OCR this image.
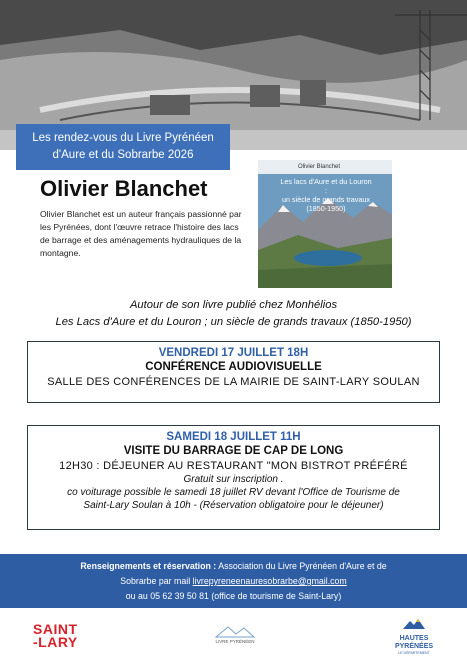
Les rendez-vous du Livre Pyrénéen
d'Aure et du Sobrarbe 2026
Olivier Blanchet
Olivier Blanchet est un auteur français passionné par les Pyrénées, dont l'œuvre retrace l'histoire des lacs de barrage et des aménagements hydrauliques de la montagne.
Olivier Blanchet
Les lacs d'Aure et du Louron :
un siècle de grands travaux (1850-1950)
Autour de son livre publié chez Monhélios
Les Lacs d'Aure et du Louron ; un siècle de grands travaux (1850-1950)
VENDREDI 17 JUILLET 18H
CONFÉRENCE AUDIOVISUELLE
SALLE DES CONFÉRENCES DE LA MAIRIE DE SAINT-LARY SOULAN
SAMEDI 18 JUILLET 11H
VISITE DU BARRAGE DE CAP DE LONG
12H30 : DÉJEUNER AU RESTAURANT "MON BISTROT PRÉFÉRÉ
Gratuit sur inscription .
co voiturage possible le samedi 18 juillet RV devant l'Office de Tourisme de
Saint-Lary Soulan à 10h - (Réservation obligatoire pour le déjeuner)
Renseignements et réservation : Association du Livre Pyrénéen d'Aure et de
Sobrarbe par mail livrepyreneenauresobrarbe@gmail.com
ou au 05 62 39 50 81 (office de tourisme de Saint-Lary)
SAINT
-LARY	LIVRE PYRÉNÉEN	HAUTES
PYRÉNÉES
LE DÉPARTEMENT
